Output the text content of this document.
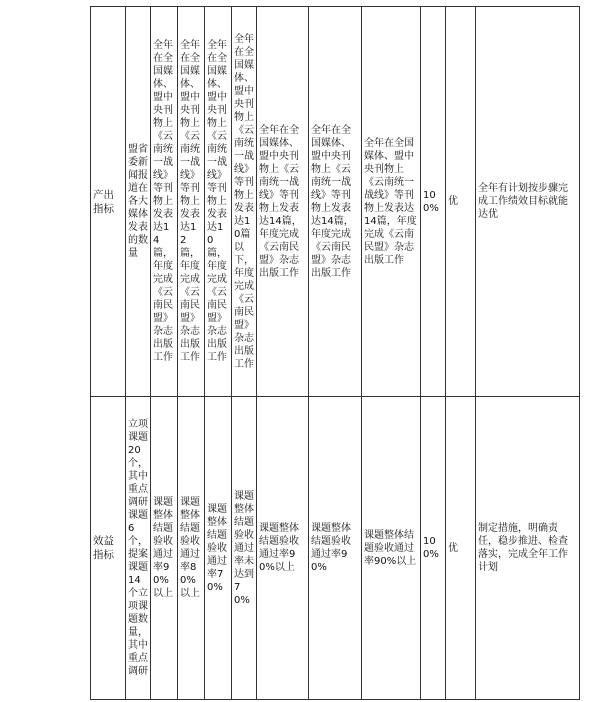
产出指标	盟省委新闻报道在各大媒体发表的数量	全年在全国媒体、盟中央刊物上《云南统一战线》等刊物上发表达14篇，年度完成《云南民盟》杂志出版工作	全年在全国媒体、盟中央刊物上《云南统一战线》等刊物上发表达12篇，年度完成《云南民盟》杂志出版工作	全年在全国媒体、盟中央刊物上《云南统一战线》等刊物上发表达10篇，年度完成《云南民盟》杂志出版工作	全年在全国媒体、盟中央刊物上《云南统一战线》等刊物上发表达10篇以下，年度完成《云南民盟》杂志出版工作	全年在全国媒体、盟中央刊物上《云南统一战线》等刊物上发表达14篇，年度完成《云南民盟》杂志出版工作	全年在全国媒体、盟中央刊物上《云南统一战线》等刊物上发表达14篇，年度完成《云南民盟》杂志出版工作	全年在全国媒体、盟中央刊物上《云南统一战线》等刊物上发表达14篇，年度完成《云南民盟》杂志出版工作	100%	优	全年有计划按步骤完成工作绩效目标就能达优
效益指标	立项课题20个，其中重点调研课题6个，提案课题14个立项课题数量，其中重点调研	课题整体结题验收通过率90%以上	课题整体结题验收通过率80%以上	课题整体结题验收通过率70%	课题整体结题验收通过率未达到70%	课题整体结题验收通过率90%以上	课题整体结题验收通过率90%	课题整体结题验收通过率90%以上	100%	优	制定措施，明确责任，稳步推进、检查落实，完成全年工作计划
